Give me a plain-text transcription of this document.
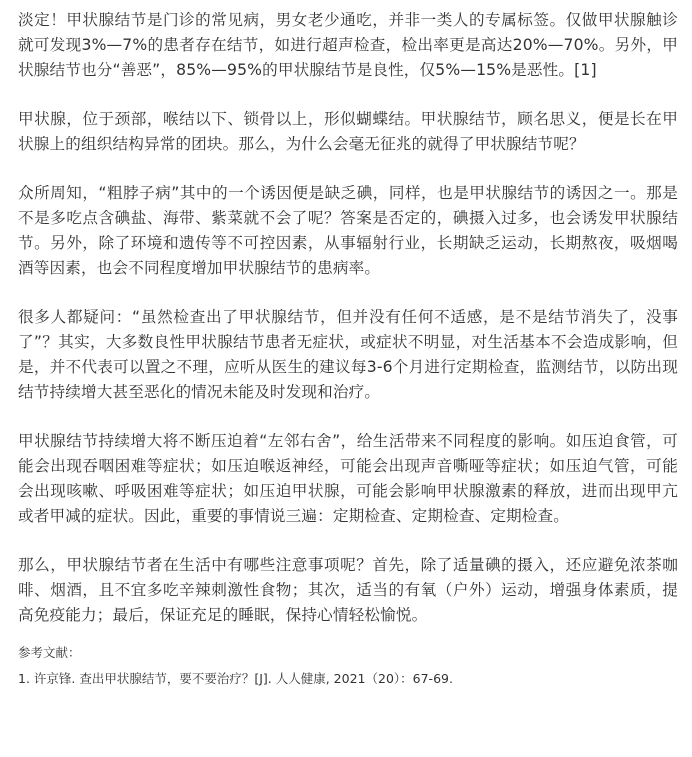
淡定！甲状腺结节是门诊的常见病，男女老少通吃，并非一类人的专属标签。仅做甲状腺触诊就可发现3%—7%的患者存在结节，如进行超声检查，检出率更是高达20%—70%。另外，甲状腺结节也分“善恶”，85%—95%的甲状腺结节是良性，仅5%—15%是恶性。[1]

甲状腺，位于颈部，喉结以下、锁骨以上，形似蝴蝶结。甲状腺结节，顾名思义，便是长在甲状腺上的组织结构异常的团块。那么，为什么会毫无征兆的就得了甲状腺结节呢？

众所周知，“粗脖子病”其中的一个诱因便是缺乏碘，同样，也是甲状腺结节的诱因之一。那是不是多吃点含碘盐、海带、紫菜就不会了呢？答案是否定的，碘摄入过多，也会诱发甲状腺结节。另外，除了环境和遗传等不可控因素，从事辐射行业，长期缺乏运动，长期熬夜，吸烟喝酒等因素，也会不同程度增加甲状腺结节的患病率。

很多人都疑问：“虽然检查出了甲状腺结节，但并没有任何不适感，是不是结节消失了，没事了”？其实，大多数良性甲状腺结节患者无症状，或症状不明显，对生活基本不会造成影响，但是，并不代表可以置之不理，应听从医生的建议每3-6个月进行定期检查，监测结节，以防出现结节持续增大甚至恶化的情况未能及时发现和治疗。

甲状腺结节持续增大将不断压迫着“左邻右舍”，给生活带来不同程度的影响。如压迫食管，可能会出现吞咽困难等症状；如压迫喉返神经，可能会出现声音嘶哑等症状；如压迫气管，可能会出现咳嗽、呼吸困难等症状；如压迫甲状腺，可能会影响甲状腺激素的释放，进而出现甲亢或者甲减的症状。因此，重要的事情说三遍：定期检查、定期检查、定期检查。

那么，甲状腺结节者在生活中有哪些注意事项呢？首先，除了适量碘的摄入，还应避免浓茶咖啡、烟酒，且不宜多吃辛辣刺激性食物；其次，适当的有氧（户外）运动，增强身体素质，提高免疫能力；最后，保证充足的睡眠，保持心情轻松愉悦。

参考文献：

1. 许京锋. 查出甲状腺结节，要不要治疗？[J]. 人人健康, 2021（20）：67-69.
